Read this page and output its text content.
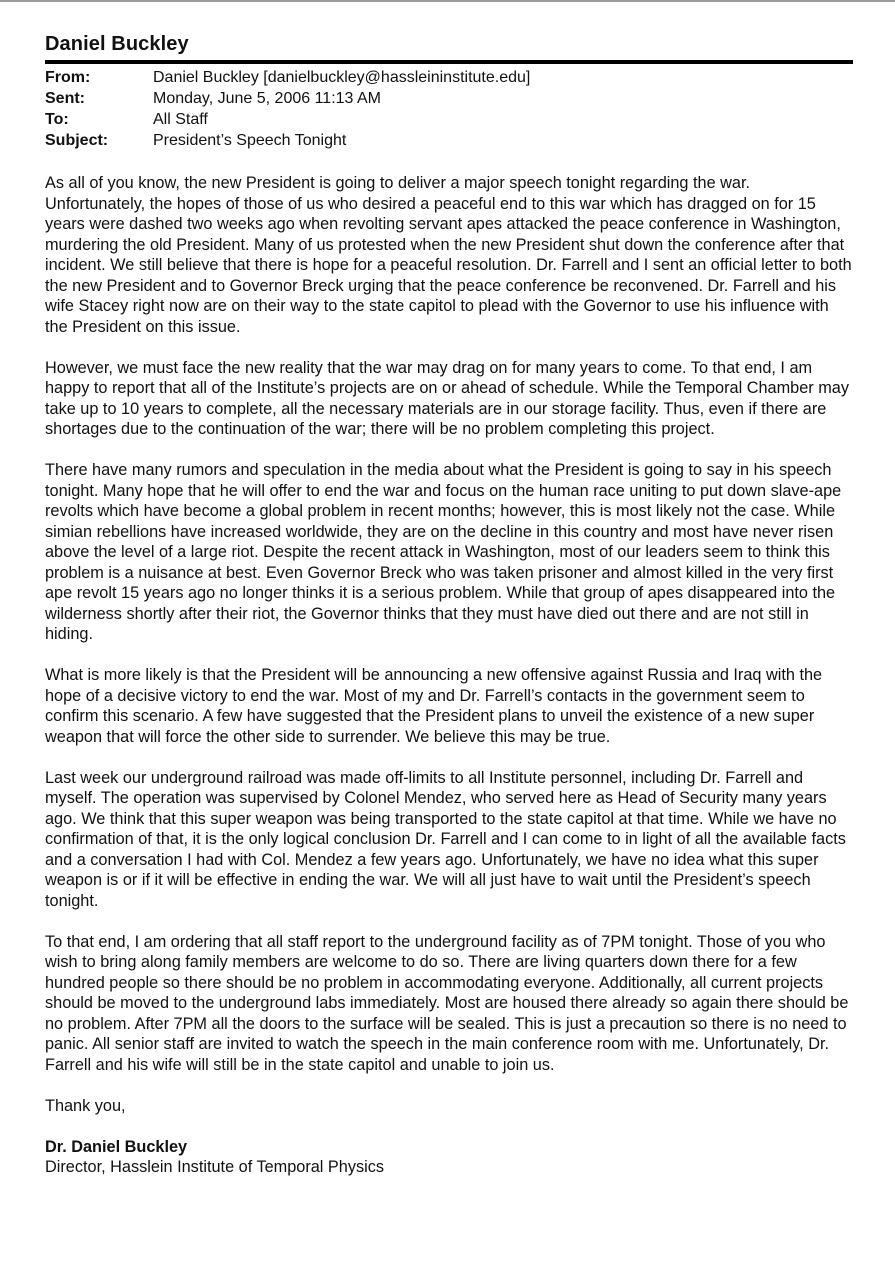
Daniel Buckley
From:	Daniel Buckley [danielbuckley@hassleininstitute.edu]
Sent:	Monday, June 5, 2006 11:13 AM
To:	All Staff
Subject:	President’s Speech Tonight

As all of you know, the new President is going to deliver a major speech tonight regarding the war. Unfortunately, the hopes of those of us who desired a peaceful end to this war which has dragged on for 15 years were dashed two weeks ago when revolting servant apes attacked the peace conference in Washington, murdering the old President. Many of us protested when the new President shut down the conference after that incident. We still believe that there is hope for a peaceful resolution. Dr. Farrell and I sent an official letter to both the new President and to Governor Breck urging that the peace conference be reconvened. Dr. Farrell and his wife Stacey right now are on their way to the state capitol to plead with the Governor to use his influence with the President on this issue.

However, we must face the new reality that the war may drag on for many years to come. To that end, I am happy to report that all of the Institute’s projects are on or ahead of schedule. While the Temporal Chamber may take up to 10 years to complete, all the necessary materials are in our storage facility. Thus, even if there are shortages due to the continuation of the war; there will be no problem completing this project.

There have many rumors and speculation in the media about what the President is going to say in his speech tonight. Many hope that he will offer to end the war and focus on the human race uniting to put down slave-ape revolts which have become a global problem in recent months; however, this is most likely not the case. While simian rebellions have increased worldwide, they are on the decline in this country and most have never risen above the level of a large riot. Despite the recent attack in Washington, most of our leaders seem to think this problem is a nuisance at best. Even Governor Breck who was taken prisoner and almost killed in the very first ape revolt 15 years ago no longer thinks it is a serious problem. While that group of apes disappeared into the wilderness shortly after their riot, the Governor thinks that they must have died out there and are not still in hiding.

What is more likely is that the President will be announcing a new offensive against Russia and Iraq with the hope of a decisive victory to end the war. Most of my and Dr. Farrell’s contacts in the government seem to confirm this scenario. A few have suggested that the President plans to unveil the existence of a new super weapon that will force the other side to surrender. We believe this may be true.

Last week our underground railroad was made off-limits to all Institute personnel, including Dr. Farrell and myself. The operation was supervised by Colonel Mendez, who served here as Head of Security many years ago. We think that this super weapon was being transported to the state capitol at that time. While we have no confirmation of that, it is the only logical conclusion Dr. Farrell and I can come to in light of all the available facts and a conversation I had with Col. Mendez a few years ago. Unfortunately, we have no idea what this super weapon is or if it will be effective in ending the war. We will all just have to wait until the President’s speech tonight.

To that end, I am ordering that all staff report to the underground facility as of 7PM tonight. Those of you who wish to bring along family members are welcome to do so. There are living quarters down there for a few hundred people so there should be no problem in accommodating everyone. Additionally, all current projects should be moved to the underground labs immediately. Most are housed there already so again there should be no problem. After 7PM all the doors to the surface will be sealed. This is just a precaution so there is no need to panic. All senior staff are invited to watch the speech in the main conference room with me. Unfortunately, Dr. Farrell and his wife will still be in the state capitol and unable to join us.

Thank you,

Dr. Daniel Buckley

Director, Hasslein Institute of Temporal Physics
